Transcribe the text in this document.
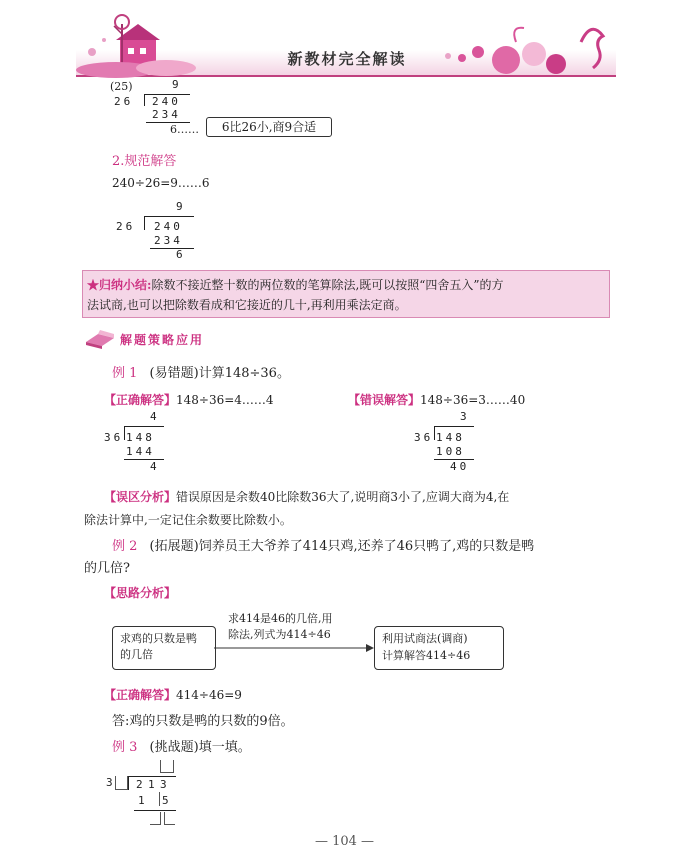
新教材完全解读
(25)	9
26 240
234
6……	6比26小,商9合适
2.规范解答
240÷26=9……6
9
26 240
234
6
★归纳小结:除数不接近整十数的两位数的笔算除法,既可以按照“四舍五入”的方
法试商,也可以把除数看成和它接近的几十,再利用乘法定商。
解题策略应用
例 1 (易错题)计算148÷36。
【正确解答】148÷36=4……4
4
36 148
144
4
【错误解答】148÷36=3……40
3
36 148
108
40
【误区分析】错误原因是余数40比除数36大了,说明商3小了,应调大商为4,在
除法计算中,一定记住余数要比除数小。
例 2 (拓展题)饲养员王大爷养了414只鸡,还养了46只鸭了,鸡的只数是鸭
的几倍?
【思路分析】
求鸡的只数是鸭的几倍
求414是46的几倍,用
除法,列式为414÷46	利用试商法(调商)
计算解答414÷46
【正确解答】414÷46=9
答:鸡的只数是鸭的只数的9倍。
例 3 (挑战题)填一填。
3 2 1 3
1 5
— 104 —
